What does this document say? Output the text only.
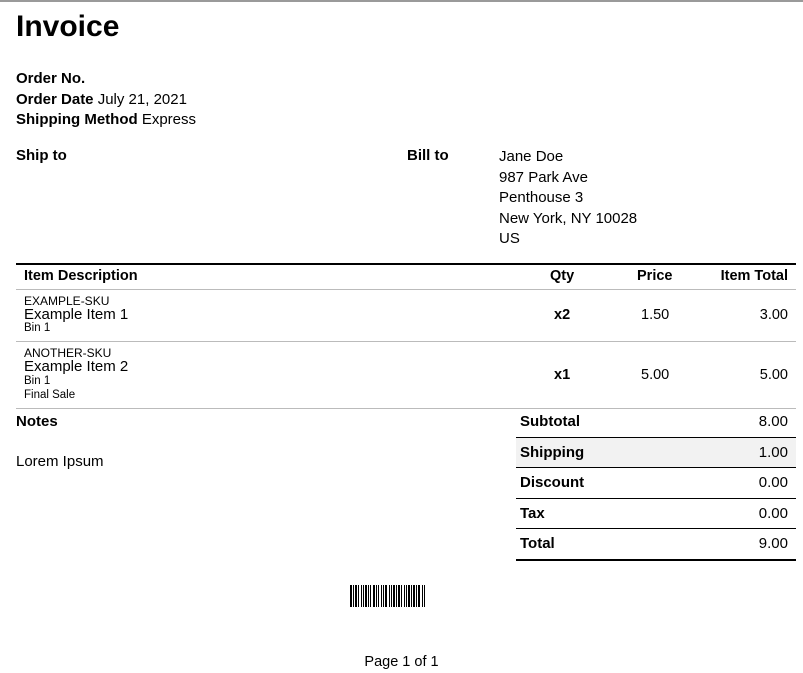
Invoice
Order No.
Order Date July 21, 2021
Shipping Method Express
Ship to	Bill to	Jane Doe
987 Park Ave
Penthouse 3
New York, NY 10028
US
Item Description	Qty	Price	Item Total
EXAMPLE-SKU
Example Item 1
Bin 1
x2	1.50	3.00
ANOTHER-SKU
Example Item 2
Bin 1
Final Sale
x1	5.00	5.00
Notes
Lorem Ipsum
Subtotal	8.00
Shipping	1.00
Discount	0.00
Tax	0.00
Total	9.00
Page 1 of 1
